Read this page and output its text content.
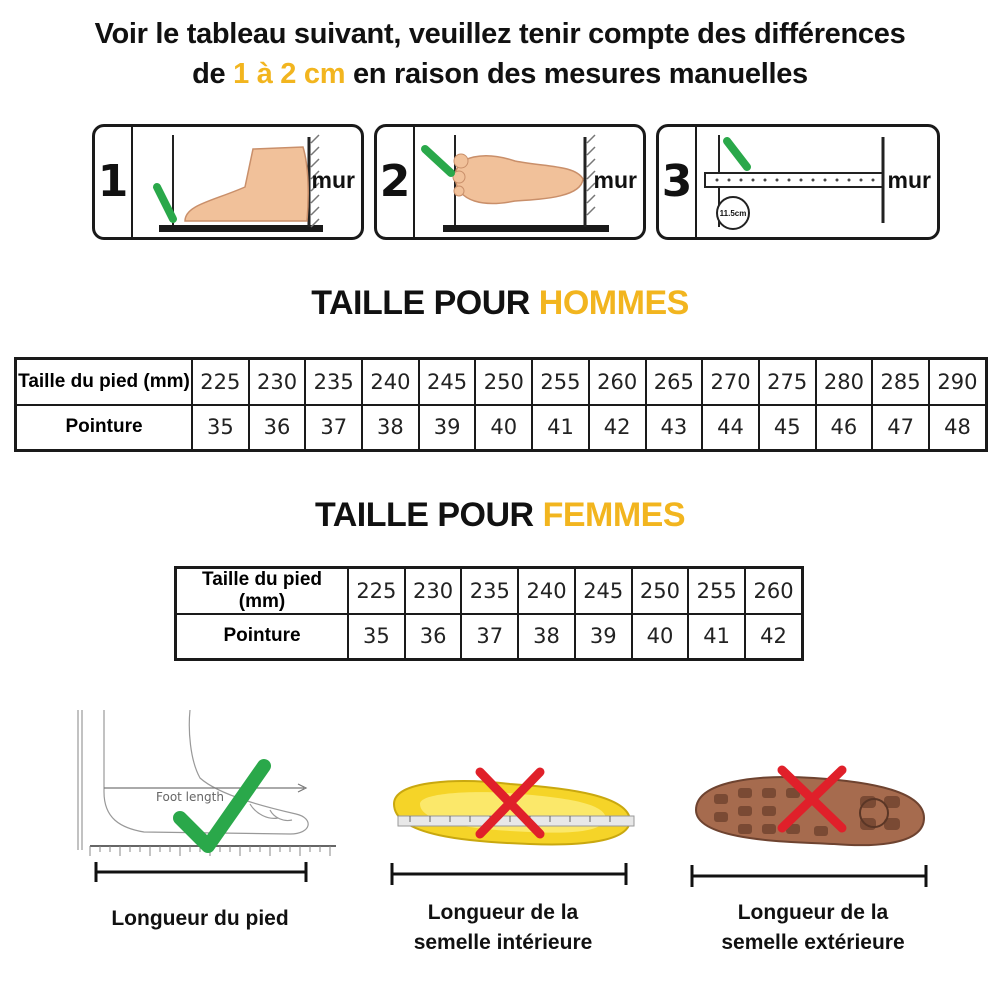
Voir le tableau suivant, veuillez tenir compte des différences
de 1 à 2 cm en raison des mesures manuelles
1	mur 2	mur 3
11.5cm
mur
TAILLE POUR HOMMES
Taille du pied (mm)	225	230	235	240	245	250	255	260	265	270	275	280	285	290
Pointure	35	36	37	38	39	40	41	42	43	44	45	46	47	48
TAILLE POUR FEMMES
Taille du pied (mm)	225	230	235	240	245	250	255	260
Pointure	35	36	37	38	39	40	41	42
Foot length
Longueur du pied	Longueur de la
semelle intérieure
Longueur de la
semelle extérieure
